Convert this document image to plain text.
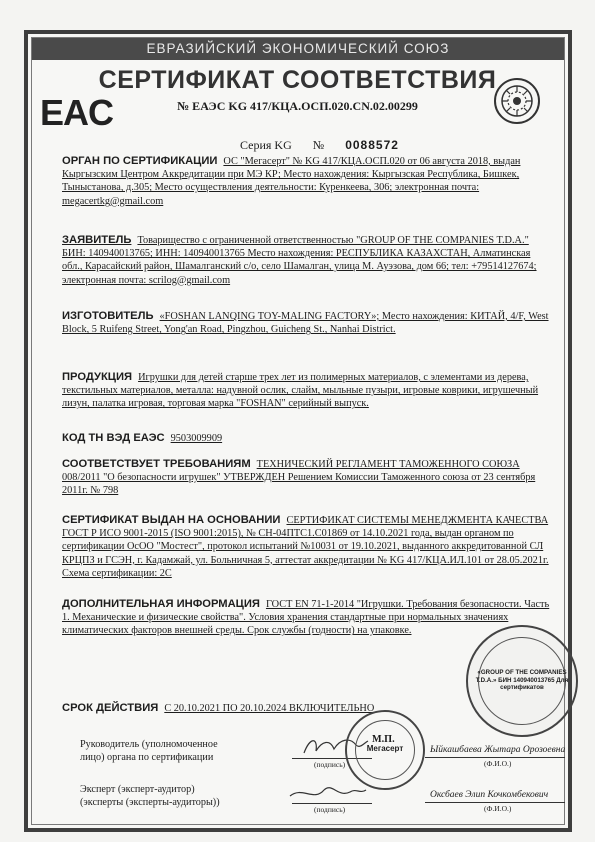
ЕВРАЗИЙСКИЙ ЭКОНОМИЧЕСКИЙ СОЮЗ
EAC
СЕРТИФИКАТ СООТВЕТСТВИЯ
№ ЕАЭС KG 417/КЦА.ОСП.020.CN.02.00299
Серия KG № 0088572
ОРГАН ПО СЕРТИФИКАЦИИ ОС "Мегасерт" № KG 417/КЦА.ОСП.020 от 06 августа 2018, выдан Кыргызским Центром Аккредитации при МЭ КР; Место нахождения: Кыргызская Республика, Бишкек, Тыныстанова, д.305; Место осуществления деятельности: Куренкеева, 306; электронная почта: megacertkg@gmail.com
ЗАЯВИТЕЛЬ Товарищество с ограниченной ответственностью "GROUP OF THE COMPANIES T.D.A." БИН: 140940013765; ИНН: 140940013765 Место нахождения: РЕСПУБЛИКА КАЗАХСТАН, Алматинская обл., Карасайский район, Шамалганский с/о, село Шамалган, улица М. Ауэзова, дом 66; тел: +79514127674; электронная почта: scrilog@gmail.com
ИЗГОТОВИТЕЛЬ «FOSHAN LANQING TOY-MALING FACTORY»; Место нахождения: КИТАЙ, 4/F, West Block, 5 Ruifeng Street, Yong'an Road, Pingzhou, Guicheng St., Nanhai District.
ПРОДУКЦИЯ Игрушки для детей старше трех лет из полимерных материалов, с элементами из дерева, текстильных материалов, металла: надувной ослик, слайм, мыльные пузыри, игровые коврики, игрушечный лизун, палатка игровая, торговая марка "FOSHAN" серийный выпуск.
КОД ТН ВЭД ЕАЭС 9503009909
СООТВЕТСТВУЕТ ТРЕБОВАНИЯМ ТЕХНИЧЕСКИЙ РЕГЛАМЕНТ ТАМОЖЕННОГО СОЮЗА 008/2011 "О безопасности игрушек" УТВЕРЖДЕН Решением Комиссии Таможенного союза от 23 сентября 2011г. № 798
СЕРТИФИКАТ ВЫДАН НА ОСНОВАНИИ СЕРТИФИКАТ СИСТЕМЫ МЕНЕДЖМЕНТА КАЧЕСТВА ГОСТ Р ИСО 9001-2015 (ISO 9001:2015), № CH-04ПТС1.C01869 от 14.10.2021 года, выдан органом по сертификации ОсОО "Мостест", протокол испытаний №10031 от 19.10.2021, выданного аккредитованной СЛ КРЦПЗ и ГСЭН, г. Кадамжай, ул. Больничная 5, аттестат аккредитации № KG 417/КЦА.ИЛ.101 от 28.05.2021г. Схема сертификации: 2С
ДОПОЛНИТЕЛЬНАЯ ИНФОРМАЦИЯ ГОСТ EN 71-1-2014 "Игрушки. Требования безопасности. Часть 1. Механические и физические свойства". Условия хранения стандартные при нормальных значениях климатических факторов внешней среды. Срок службы (годности) на упаковке.
СРОК ДЕЙСТВИЯ С 20.10.2021 ПО 20.10.2024 ВКЛЮЧИТЕЛЬНО
Руководитель (уполномоченное
лицо) органа по сертификации
(подпись)
М.П.
Ыйкашбаева Жытара Орозоевна
(Ф.И.О.)
Эксперт (эксперт-аудитор)
(эксперты (эксперты-аудиторы))
(подпись)
Оксбаев Элип Кочкомбекович
(Ф.И.О.)
«GROUP OF THE COMPANIES T.D.A.» БИН 140940013765 Для сертификатов
Мегасерт
